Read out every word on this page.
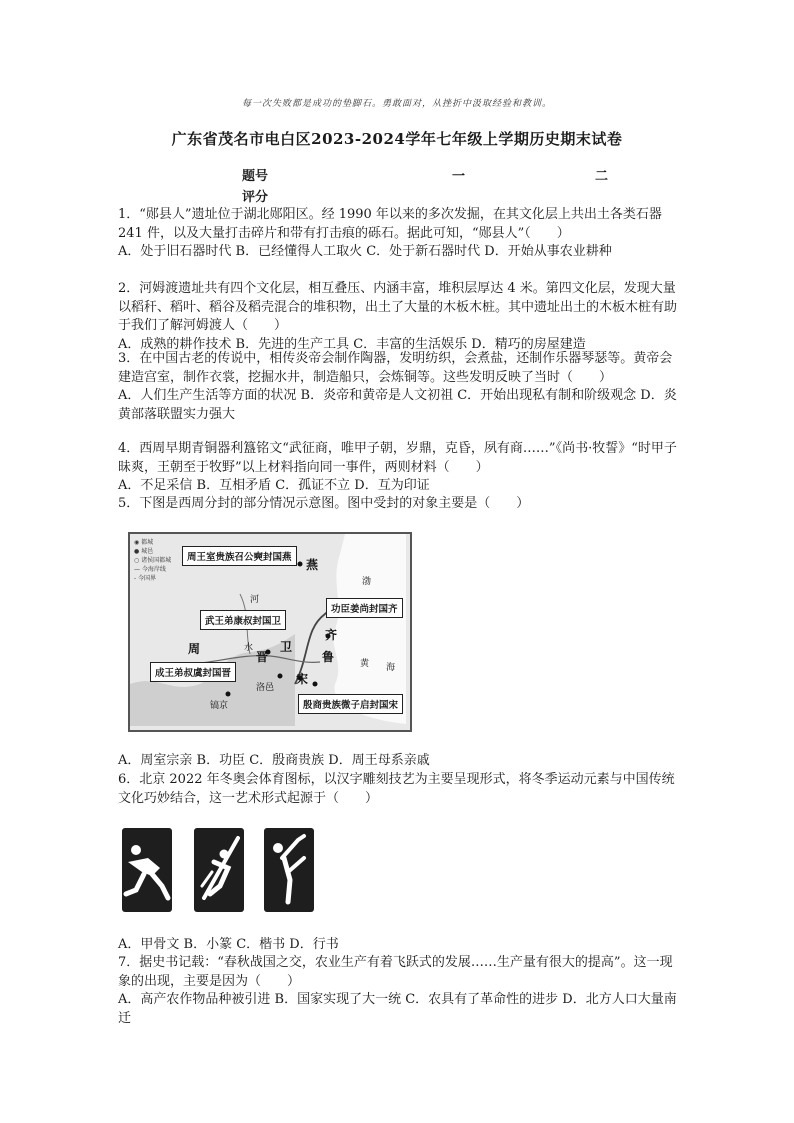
每一次失败都是成功的垫脚石。勇敢面对，从挫折中汲取经验和教训。
广东省茂名市电白区2023-2024学年七年级上学期历史期末试卷
题号	一	二
评分
1．“郧县人”遗址位于湖北郧阳区。经 1990 年以来的多次发掘，在其文化层上共出土各类石器 241 件，以及大量打击碎片和带有打击痕的砾石。据此可知，“郧县人”（　　）
A．处于旧石器时代 B．已经懂得人工取火 C．处于新石器时代 D．开始从事农业耕种
2．河姆渡遗址共有四个文化层，相互叠压、内涵丰富，堆积层厚达 4 米。第四文化层，发现大量以稻秆、稻叶、稻谷及稻壳混合的堆积物，出土了大量的木板木桩。其中遗址出土的木板木桩有助于我们了解河姆渡人（　　）
A．成熟的耕作技术 B．先进的生产工具 C．丰富的生活娱乐 D．精巧的房屋建造
3．在中国古老的传说中，相传炎帝会制作陶器，发明纺织，会煮盐，还制作乐器琴瑟等。黄帝会建造宫室，制作衣裳，挖掘水井，制造船只，会炼铜等。这些发明反映了当时（　　）
A．人们生产生活等方面的状况 B．炎帝和黄帝是人文初祖 C．开始出现私有制和阶级观念 D．炎黄部落联盟实力强大
4．西周早期青铜器利簋铭文“武征商，唯甲子朝，岁鼎，克昏，夙有商……”《尚书·牧誓》“时甲子昧爽，王朝至于牧野”以上材料指向同一事件，两则材料（　　）
A．不足采信 B．互相矛盾 C．孤证不立 D．互为印证
5．下图是西周分封的部分情况示意图。图中受封的对象主要是（　　）
◉ 都城
● 城邑
○ 诸侯国都城
— 今海岸线
‐ 今国界
周王室贵族召公奭封国燕
武王弟康叔封国卫
功臣姜尚封国齐
成王弟叔虞封国晋
殷商贵族微子启封国宋
燕
渤
河
卫
齐
鲁
晋
周
宋
水
黄 海
洛邑
镐京
A．周室宗亲 B．功臣 C．殷商贵族 D．周王母系亲戚
6．北京 2022 年冬奥会体育图标，以汉字雕刻技艺为主要呈现形式，将冬季运动元素与中国传统文化巧妙结合，这一艺术形式起源于（　　）
A．甲骨文 B．小篆 C．楷书 D．行书
7．据史书记载：“春秋战国之交，农业生产有着飞跃式的发展……生产量有很大的提高”。这一现象的出现，主要是因为（　　）
A．高产农作物品种被引进 B．国家实现了大一统 C．农具有了革命性的进步 D．北方人口大量南迁
